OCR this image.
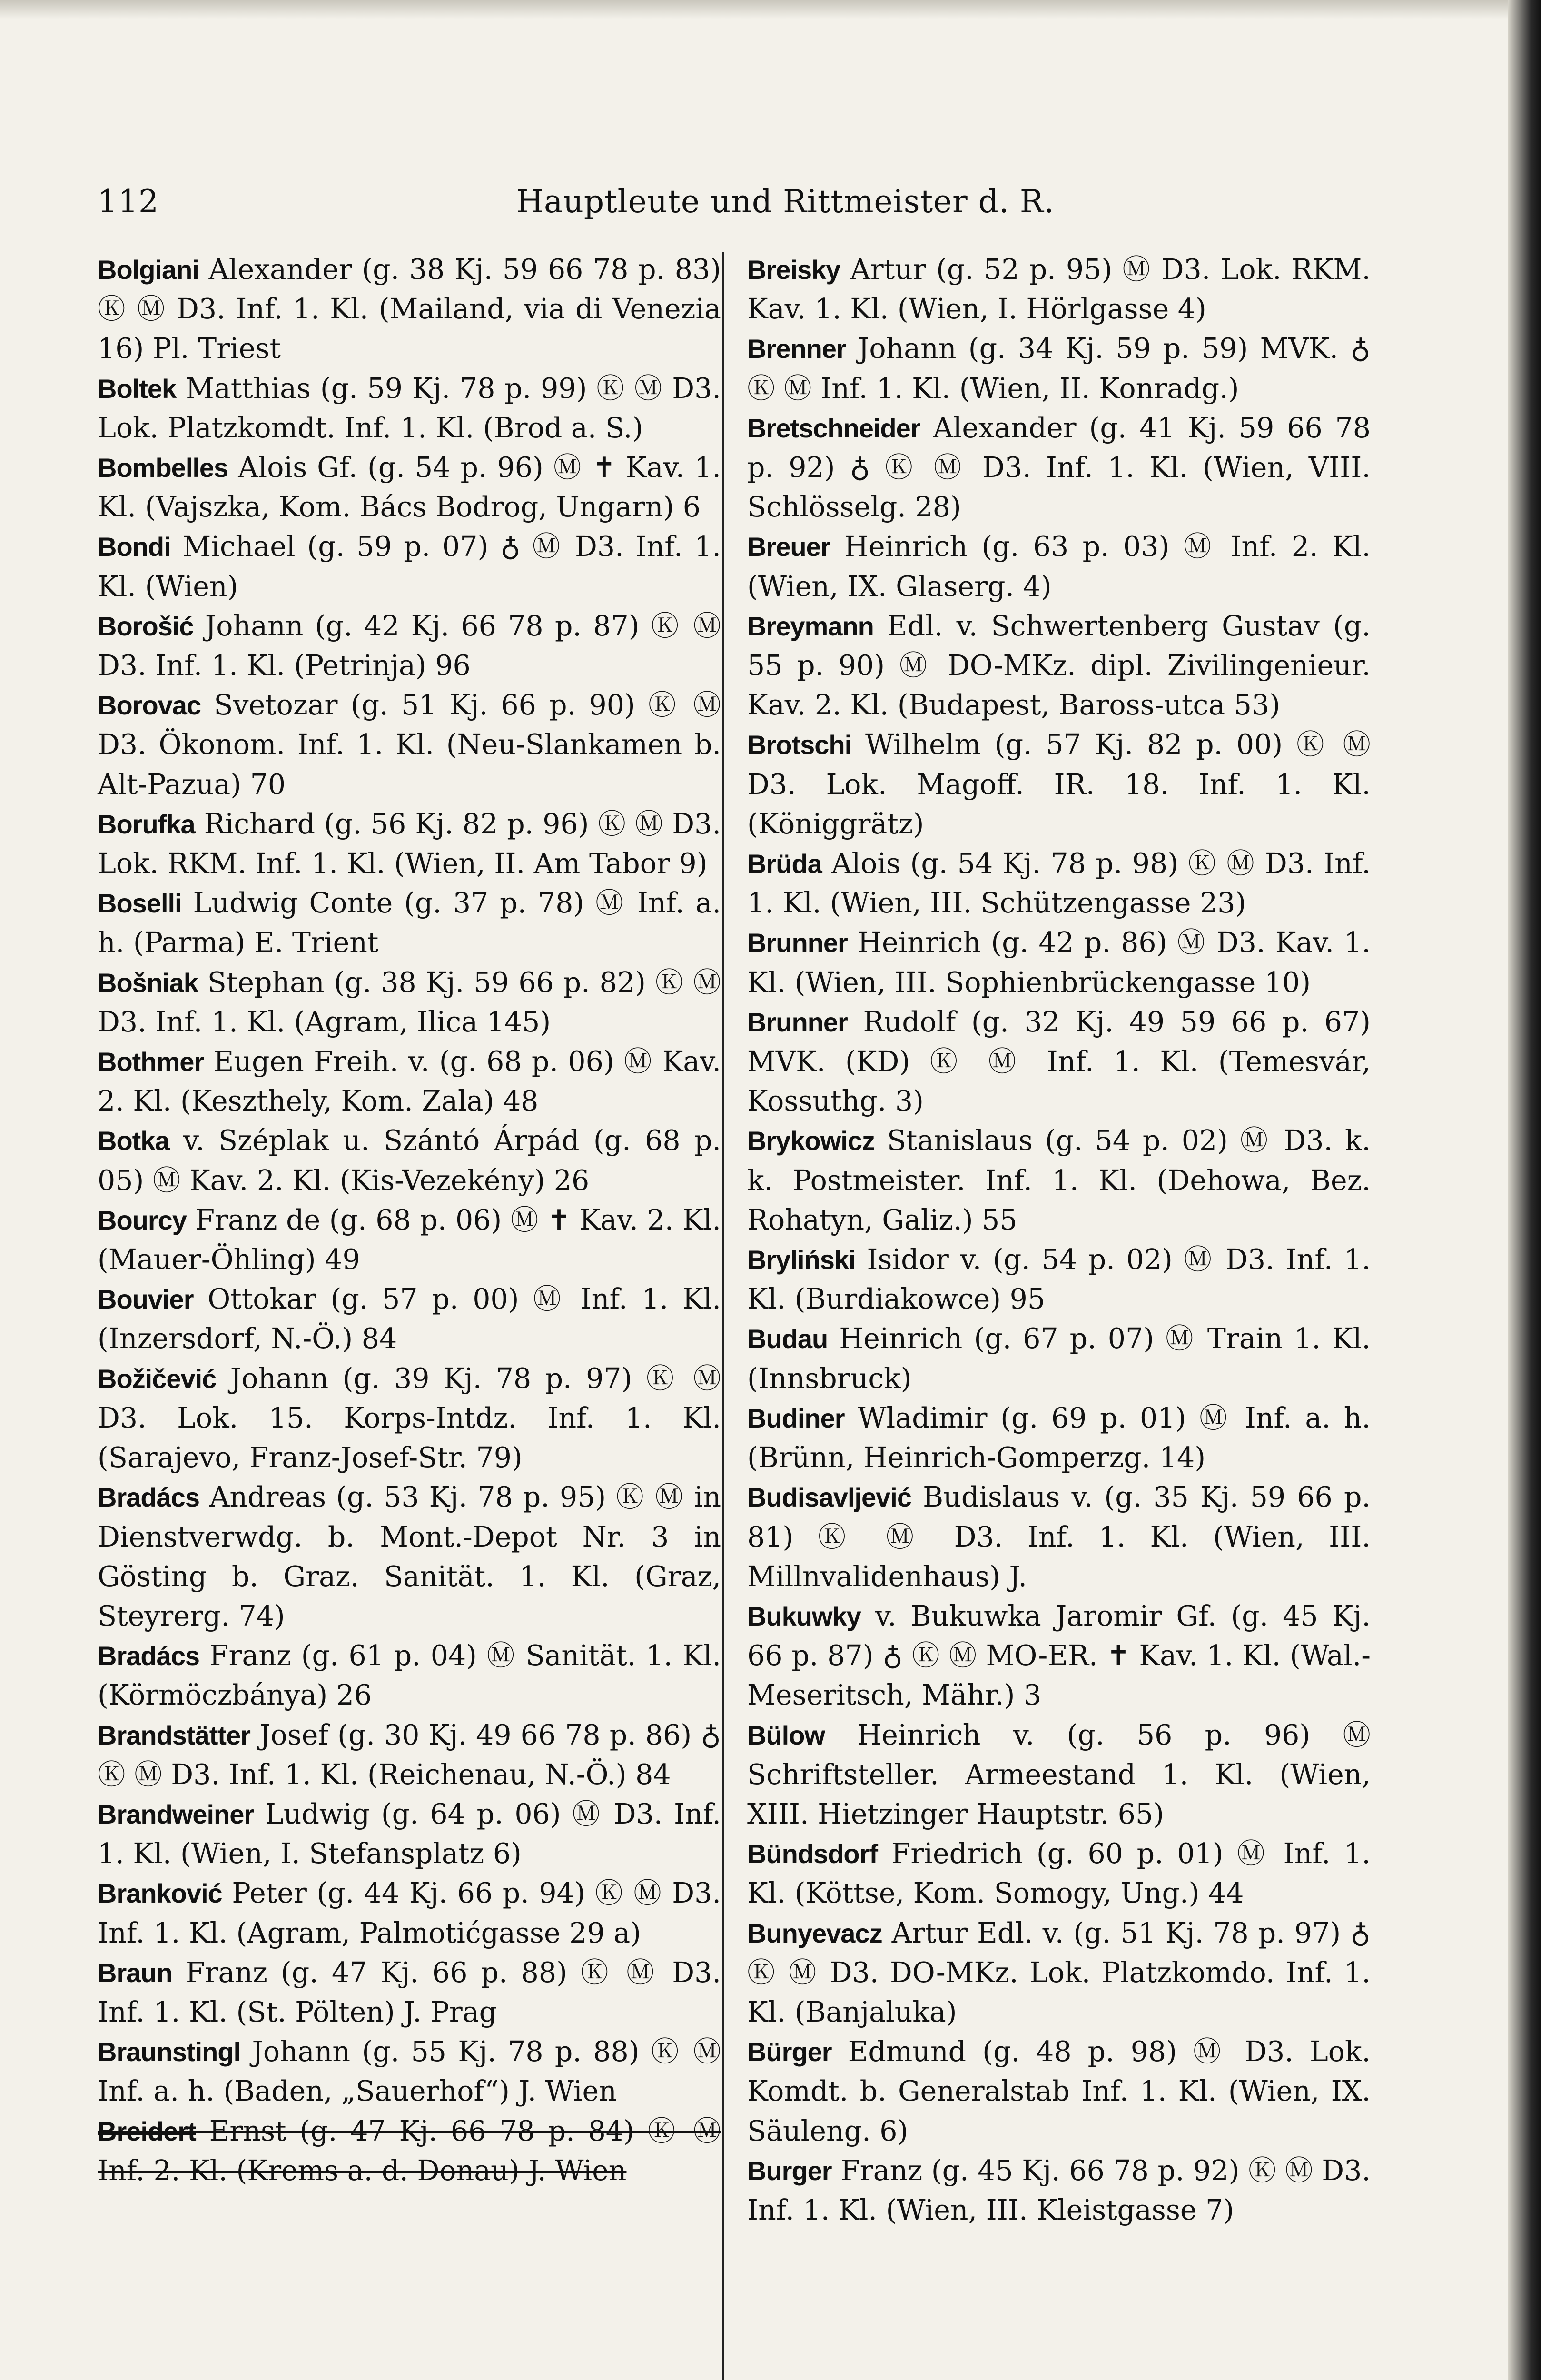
112	Hauptleute und Rittmeister d. R.
Bolgiani Alexander (g. 38 Kj. 59 66 78 p. 83) Ⓚ Ⓜ D3. Inf. 1. Kl. (Mailand, via di Venezia 16) Pl. Triest
Boltek Matthias (g. 59 Kj. 78 p. 99) Ⓚ Ⓜ D3. Lok. Platzkomdt. Inf. 1. Kl. (Brod a. S.)
Bombelles Alois Gf. (g. 54 p. 96) Ⓜ ✝ Kav. 1. Kl. (Vajszka, Kom. Bács Bodrog, Ungarn) 6
Bondi Michael (g. 59 p. 07) ♁ Ⓜ D3. Inf. 1. Kl. (Wien)
Borošić Johann (g. 42 Kj. 66 78 p. 87) Ⓚ Ⓜ D3. Inf. 1. Kl. (Petrinja) 96
Borovac Svetozar (g. 51 Kj. 66 p. 90) Ⓚ Ⓜ D3. Ökonom. Inf. 1. Kl. (Neu-Slankamen b. Alt-Pazua) 70
Borufka Richard (g. 56 Kj. 82 p. 96) Ⓚ Ⓜ D3. Lok. RKM. Inf. 1. Kl. (Wien, II. Am Tabor 9)
Boselli Ludwig Conte (g. 37 p. 78) Ⓜ Inf. a. h. (Parma) E. Trient
Bošniak Stephan (g. 38 Kj. 59 66 p. 82) Ⓚ Ⓜ D3. Inf. 1. Kl. (Agram, Ilica 145)
Bothmer Eugen Freih. v. (g. 68 p. 06) Ⓜ Kav. 2. Kl. (Keszthely, Kom. Zala) 48
Botka v. Széplak u. Szántó Árpád (g. 68 p. 05) Ⓜ Kav. 2. Kl. (Kis-Vezekény) 26
Bourcy Franz de (g. 68 p. 06) Ⓜ ✝ Kav. 2. Kl. (Mauer-Öhling) 49
Bouvier Ottokar (g. 57 p. 00) Ⓜ Inf. 1. Kl. (Inzersdorf, N.-Ö.) 84
Božičević Johann (g. 39 Kj. 78 p. 97) Ⓚ Ⓜ D3. Lok. 15. Korps-Intdz. Inf. 1. Kl. (Sarajevo, Franz-Josef-Str. 79)
Bradács Andreas (g. 53 Kj. 78 p. 95) Ⓚ Ⓜ in Dienstverwdg. b. Mont.-Depot Nr. 3 in Gösting b. Graz. Sanität. 1. Kl. (Graz, Steyrerg. 74)
Bradács Franz (g. 61 p. 04) Ⓜ Sanität. 1. Kl. (Körmöczbánya) 26
Brandstätter Josef (g. 30 Kj. 49 66 78 p. 86) ♁ Ⓚ Ⓜ D3. Inf. 1. Kl. (Reichenau, N.-Ö.) 84
Brandweiner Ludwig (g. 64 p. 06) Ⓜ D3. Inf. 1. Kl. (Wien, I. Stefansplatz 6)
Branković Peter (g. 44 Kj. 66 p. 94) Ⓚ Ⓜ D3. Inf. 1. Kl. (Agram, Palmotićgasse 29 a)
Braun Franz (g. 47 Kj. 66 p. 88) Ⓚ Ⓜ D3. Inf. 1. Kl. (St. Pölten) J. Prag
Braunstingl Johann (g. 55 Kj. 78 p. 88) Ⓚ Ⓜ Inf. a. h. (Baden, „Sauerhof“) J. Wien
Breidert Ernst (g. 47 Kj. 66 78 p. 84) Ⓚ Ⓜ Inf. 2. Kl. (Krems a. d. Donau) J. Wien
Breisky Artur (g. 52 p. 95) Ⓜ D3. Lok. RKM. Kav. 1. Kl. (Wien, I. Hörlgasse 4)
Brenner Johann (g. 34 Kj. 59 p. 59) MVK. ♁ Ⓚ Ⓜ Inf. 1. Kl. (Wien, II. Konradg.)
Bretschneider Alexander (g. 41 Kj. 59 66 78 p. 92) ♁ Ⓚ Ⓜ D3. Inf. 1. Kl. (Wien, VIII. Schlösselg. 28)
Breuer Heinrich (g. 63 p. 03) Ⓜ Inf. 2. Kl. (Wien, IX. Glaserg. 4)
Breymann Edl. v. Schwertenberg Gustav (g. 55 p. 90) Ⓜ DO-MKz. dipl. Zivilingenieur. Kav. 2. Kl. (Budapest, Baross-utca 53)
Brotschi Wilhelm (g. 57 Kj. 82 p. 00) Ⓚ Ⓜ D3. Lok. Magoff. IR. 18. Inf. 1. Kl. (Königgrätz)
Brüda Alois (g. 54 Kj. 78 p. 98) Ⓚ Ⓜ D3. Inf. 1. Kl. (Wien, III. Schützengasse 23)
Brunner Heinrich (g. 42 p. 86) Ⓜ D3. Kav. 1. Kl. (Wien, III. Sophienbrückengasse 10)
Brunner Rudolf (g. 32 Kj. 49 59 66 p. 67) MVK. (KD) Ⓚ Ⓜ Inf. 1. Kl. (Temesvár, Kossuthg. 3)
Brykowicz Stanislaus (g. 54 p. 02) Ⓜ D3. k. k. Postmeister. Inf. 1. Kl. (Dehowa, Bez. Rohatyn, Galiz.) 55
Bryliński Isidor v. (g. 54 p. 02) Ⓜ D3. Inf. 1. Kl. (Burdiakowce) 95
Budau Heinrich (g. 67 p. 07) Ⓜ Train 1. Kl. (Innsbruck)
Budiner Wladimir (g. 69 p. 01) Ⓜ Inf. a. h. (Brünn, Heinrich-Gomperzg. 14)
Budisavljević Budislaus v. (g. 35 Kj. 59 66 p. 81) Ⓚ Ⓜ D3. Inf. 1. Kl. (Wien, III. Millnvalidenhaus) J.
Bukuwky v. Bukuwka Jaromir Gf. (g. 45 Kj. 66 p. 87) ♁ Ⓚ Ⓜ MO-ER. ✝ Kav. 1. Kl. (Wal.-Meseritsch, Mähr.) 3
Bülow Heinrich v. (g. 56 p. 96) Ⓜ Schriftsteller. Armeestand 1. Kl. (Wien, XIII. Hietzinger Hauptstr. 65)
Bündsdorf Friedrich (g. 60 p. 01) Ⓜ Inf. 1. Kl. (Köttse, Kom. Somogy, Ung.) 44
Bunyevacz Artur Edl. v. (g. 51 Kj. 78 p. 97) ♁ Ⓚ Ⓜ D3. DO-MKz. Lok. Platzkomdo. Inf. 1. Kl. (Banjaluka)
Bürger Edmund (g. 48 p. 98) Ⓜ D3. Lok. Komdt. b. Generalstab Inf. 1. Kl. (Wien, IX. Säuleng. 6)
Burger Franz (g. 45 Kj. 66 78 p. 92) Ⓚ Ⓜ D3. Inf. 1. Kl. (Wien, III. Kleistgasse 7)
